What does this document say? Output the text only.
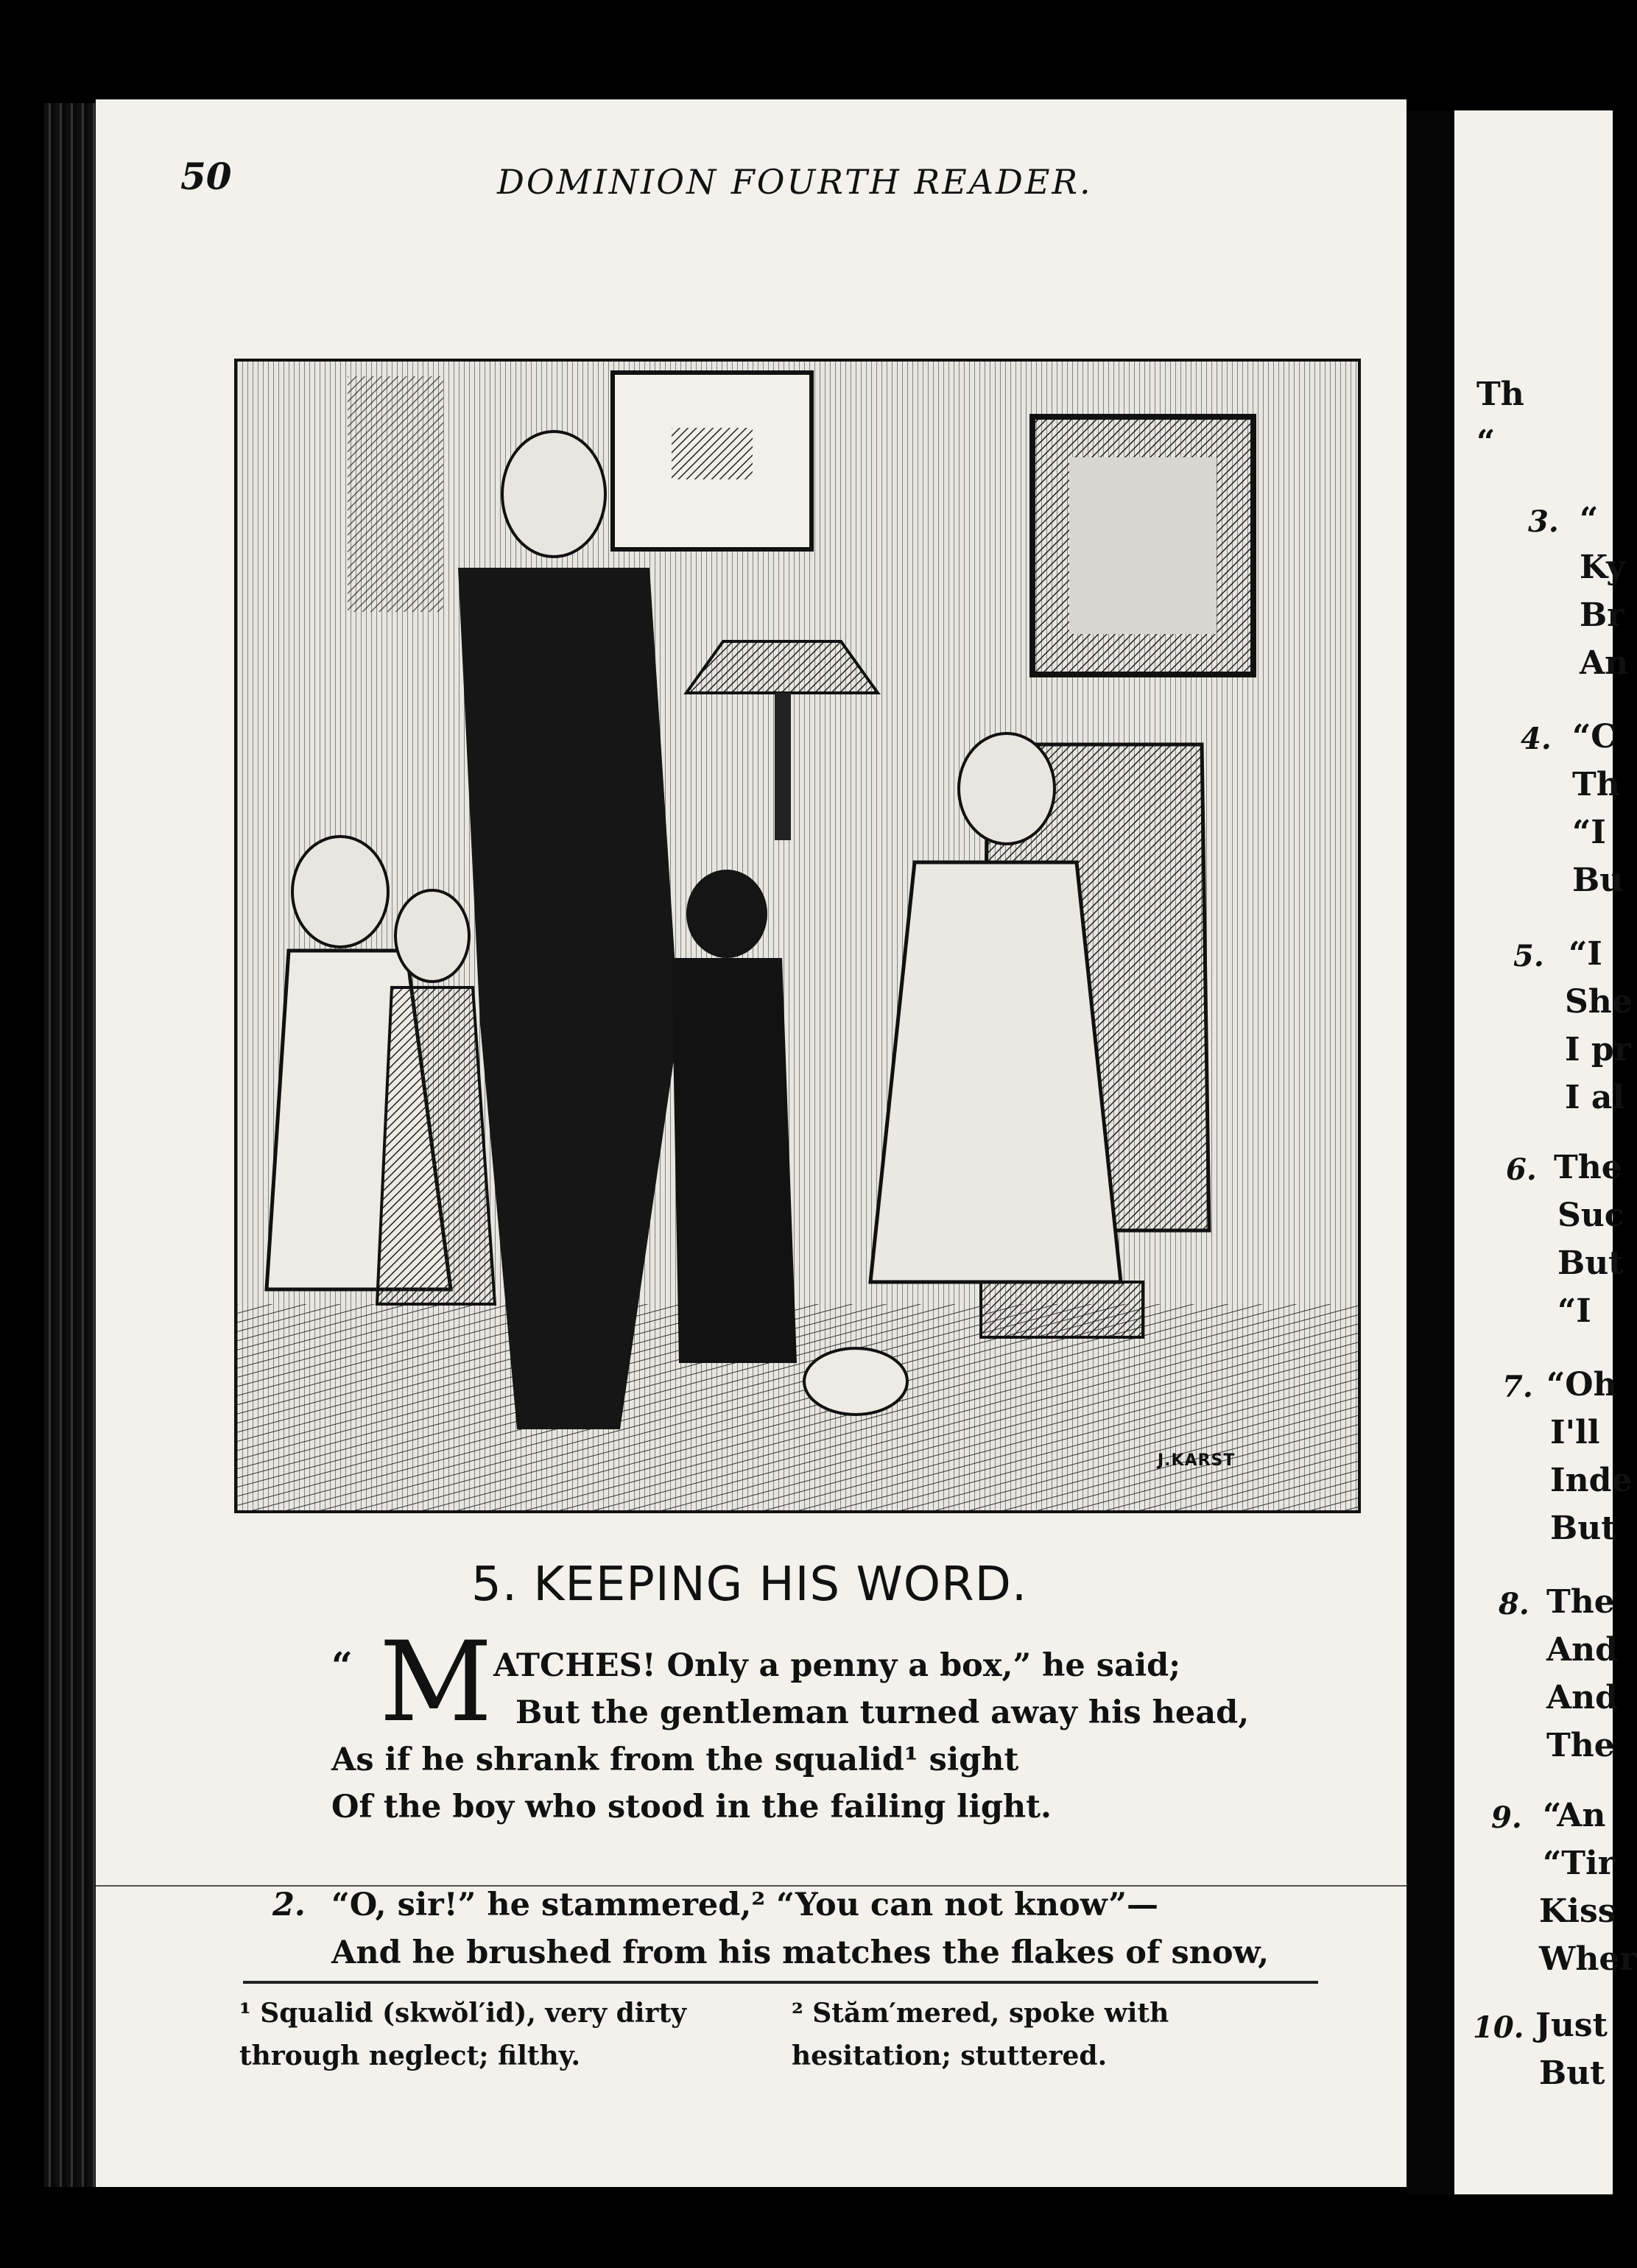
50	DOMINION FOURTH READER.
J.KARST
5. KEEPING HIS WORD.
“ M ATCHES! Only a penny a box,” he said;
But the gentleman turned away his head,
As if he shrank from the squalid¹ sight
Of the boy who stood in the failing light.
2. “O, sir!” he stammered,² “You can not know”—
And he brushed from his matches the flakes of snow,
¹ Squalid (skwŏl′id), very dirty through neglect; filthy.
² Stăm′mered, spoke with hesitation; stuttered.
Th
“
“
Ky
Br
An
“C
Th
“I
Bu
“I
She
I pr
I al
The
Suc
But
“I
“Oh
I'll
Inde
But
The
And
And
The
“An
“Tir
Kiss
Wher
Just
But
3.
4.
5.
6.
7.
8.
9.
10.
